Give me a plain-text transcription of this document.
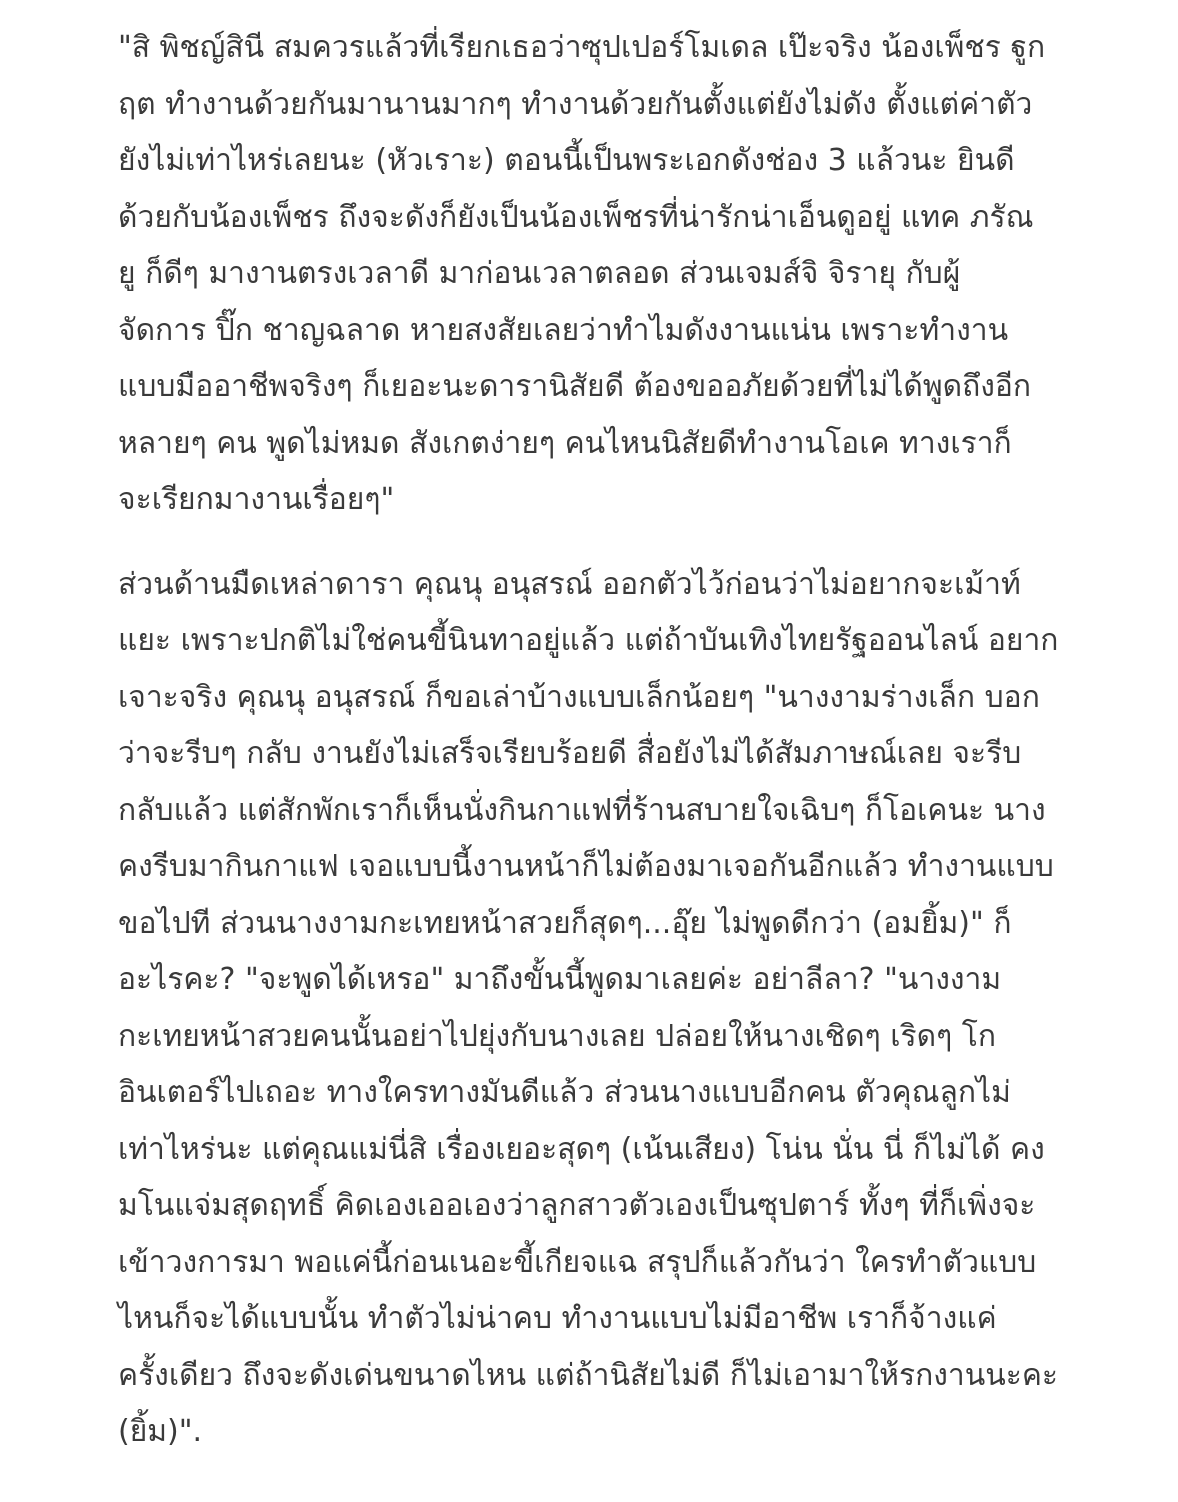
"สิ พิชญ์สินี สมควรแล้วที่เรียกเธอว่าซุปเปอร์โมเดล เป๊ะจริง น้องเพ็ชร ฐูก
ฤต ทำงานด้วยกันมานานมากๆ ทำงานด้วยกันตั้งแต่ยังไม่ดัง ตั้งแต่ค่าตัว
ยังไม่เท่าไหร่เลยนะ (หัวเราะ) ตอนนี้เป็นพระเอกดังช่อง 3 แล้วนะ ยินดี
ด้วยกับน้องเพ็ชร ถึงจะดังก็ยังเป็นน้องเพ็ชรที่น่ารักน่าเอ็นดูอยู่ แทค ภรัณ
ยู ก็ดีๆ มางานตรงเวลาดี มาก่อนเวลาตลอด ส่วนเจมส์จิ จิรายุ กับผู้
จัดการ ปิ๊ก ชาญฉลาด หายสงสัยเลยว่าทำไมดังงานแน่น เพราะทำงาน
แบบมืออาชีพจริงๆ ก็เยอะนะดารานิสัยดี ต้องขออภัยด้วยที่ไม่ได้พูดถึงอีก
หลายๆ คน พูดไม่หมด สังเกตง่ายๆ คนไหนนิสัยดีทำงานโอเค ทางเราก็
จะเรียกมางานเรื่อยๆ"

ส่วนด้านมืดเหล่าดารา คุณนุ อนุสรณ์ ออกตัวไว้ก่อนว่าไม่อยากจะเม้าท์
แยะ เพราะปกติไม่ใช่คนขี้นินทาอยู่แล้ว แต่ถ้าบันเทิงไทยรัฐออนไลน์ อยาก
เจาะจริง คุณนุ อนุสรณ์ ก็ขอเล่าบ้างแบบเล็กน้อยๆ "นางงามร่างเล็ก บอก
ว่าจะรีบๆ กลับ งานยังไม่เสร็จเรียบร้อยดี สื่อยังไม่ได้สัมภาษณ์เลย จะรีบ
กลับแล้ว แต่สักพักเราก็เห็นนั่งกินกาแฟที่ร้านสบายใจเฉิบๆ ก็โอเคนะ นาง
คงรีบมากินกาแฟ เจอแบบนี้งานหน้าก็ไม่ต้องมาเจอกันอีกแล้ว ทำงานแบบ
ขอไปที ส่วนนางงามกะเทยหน้าสวยก็สุดๆ...อุ๊ย ไม่พูดดีกว่า (อมยิ้ม)" ก็
อะไรคะ? "จะพูดได้เหรอ" มาถึงขั้นนี้พูดมาเลยค่ะ อย่าลีลา? "นางงาม
กะเทยหน้าสวยคนนั้นอย่าไปยุ่งกับนางเลย ปล่อยให้นางเชิดๆ เริดๆ โก
อินเตอร์ไปเถอะ ทางใครทางมันดีแล้ว ส่วนนางแบบอีกคน ตัวคุณลูกไม่
เท่าไหร่นะ แต่คุณแม่นี่สิ เรื่องเยอะสุดๆ (เน้นเสียง) โน่น นั่น นี่ ก็ไม่ได้ คง
มโนแจ่มสุดฤทธิ์ คิดเองเออเองว่าลูกสาวตัวเองเป็นซุปตาร์ ทั้งๆ ที่ก็เพิ่งจะ
เข้าวงการมา พอแค่นี้ก่อนเนอะขี้เกียจแฉ สรุปก็แล้วกันว่า ใครทำตัวแบบ
ไหนก็จะได้แบบนั้น ทำตัวไม่น่าคบ ทำงานแบบไม่มีอาชีพ เราก็จ้างแค่
ครั้งเดียว ถึงจะดังเด่นขนาดไหน แต่ถ้านิสัยไม่ดี ก็ไม่เอามาให้รกงานนะคะ
(ยิ้ม)".
